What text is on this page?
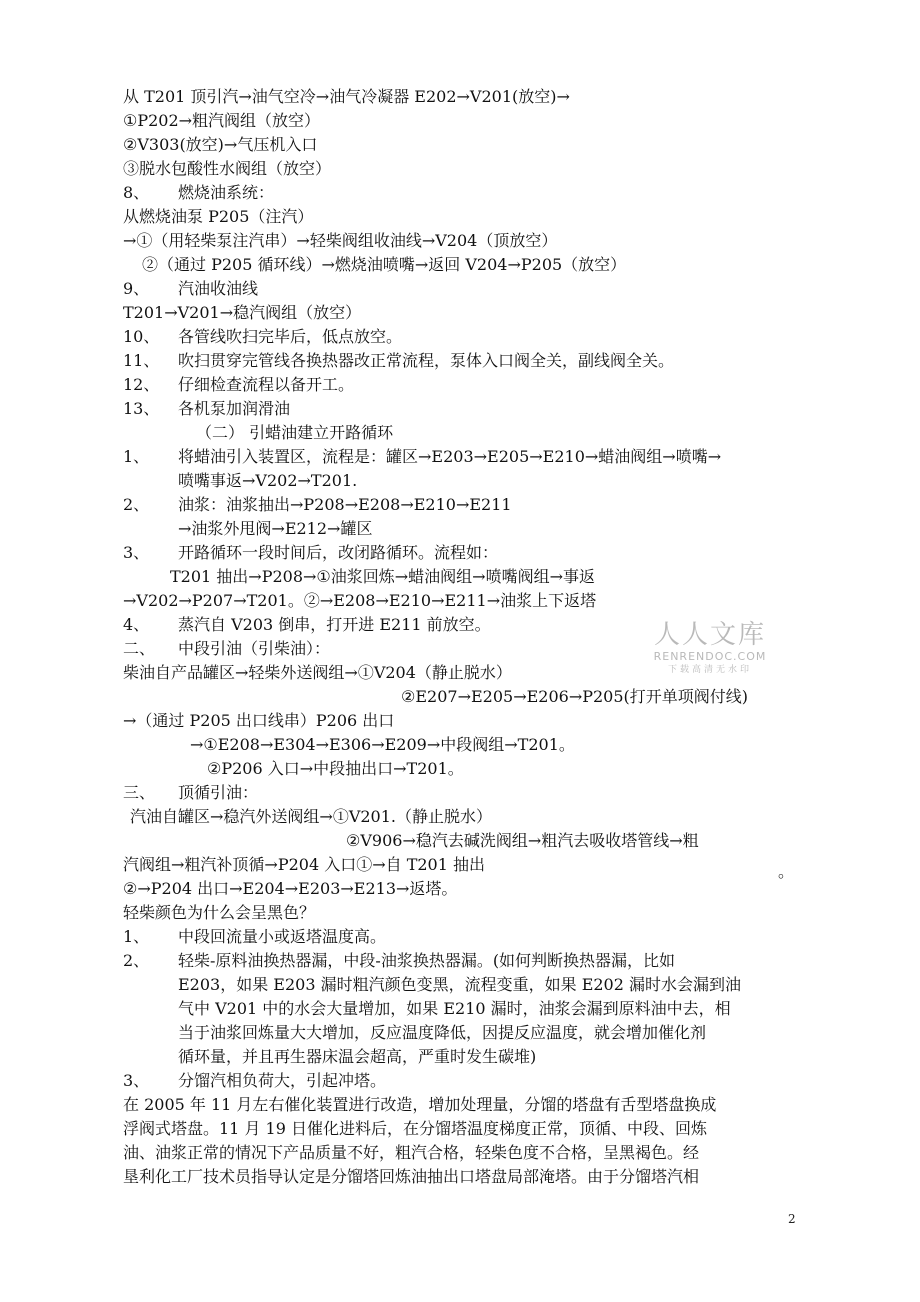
从 T201 顶引汽→油气空冷→油气冷凝器 E202→V201(放空)→
①P202→粗汽阀组（放空）
②V303(放空)→气压机入口
③脱水包酸性水阀组（放空）
8、 燃烧油系统：
从燃烧油泵 P205（注汽）
→①（用轻柴泵注汽串）→轻柴阀组收油线→V204（顶放空）
②（通过 P205 循环线）→燃烧油喷嘴→返回 V204→P205（放空）
9、 汽油收油线
T201→V201→稳汽阀组（放空）
10、 各管线吹扫完毕后，低点放空。
11、 吹扫贯穿完管线各换热器改正常流程，泵体入口阀全关，副线阀全关。
12、 仔细检查流程以备开工。
13、 各机泵加润滑油
（二） 引蜡油建立开路循环
1、 将蜡油引入装置区，流程是：罐区→E203→E205→E210→蜡油阀组→喷嘴→
喷嘴事返→V202→T201.
2、 油浆：油浆抽出→P208→E208→E210→E211
→油浆外甩阀→E212→罐区
3、 开路循环一段时间后，改闭路循环。流程如：
T201 抽出→P208→①油浆回炼→蜡油阀组→喷嘴阀组→事返
→V202→P207→T201。②→E208→E210→E211→油浆上下返塔
4、 蒸汽自 V203 倒串，打开进 E211 前放空。
二、 中段引油（引柴油）：
柴油自产品罐区→轻柴外送阀组→①V204（静止脱水）
②E207→E205→E206→P205(打开单项阀付线)
→（通过 P205 出口线串）P206 出口
→①E208→E304→E306→E209→中段阀组→T201。
②P206 入口→中段抽出口→T201。
三、 顶循引油：
汽油自罐区→稳汽外送阀组→①V201.（静止脱水）
②V906→稳汽去碱洗阀组→粗汽去吸收塔管线→粗
汽阀组→粗汽补顶循→P204 入口①→自 T201 抽出
②→P204 出口→E204→E203→E213→返塔。
轻柴颜色为什么会呈黑色？
1、 中段回流量小或返塔温度高。
2、 轻柴-原料油换热器漏，中段-油浆换热器漏。(如何判断换热器漏，比如
E203，如果 E203 漏时粗汽颜色变黑，流程变重，如果 E202 漏时水会漏到油
气中 V201 中的水会大量增加，如果 E210 漏时，油浆会漏到原料油中去，相
当于油浆回炼量大大增加，反应温度降低，因提反应温度，就会增加催化剂
循环量，并且再生器床温会超高，严重时发生碳堆)
3、 分馏汽相负荷大，引起冲塔。
在 2005 年 11 月左右催化装置进行改造，增加处理量，分馏的塔盘有舌型塔盘换成
浮阀式塔盘。11 月 19 日催化进料后，在分馏塔温度梯度正常，顶循、中段、回炼
油、油浆正常的情况下产品质量不好，粗汽合格，轻柴色度不合格，呈黑褐色。经
垦利化工厂技术员指导认定是分馏塔回炼油抽出口塔盘局部淹塔。由于分馏塔汽相
。
人人文库
RENRENDOC.COM
下载高清无水印
2
